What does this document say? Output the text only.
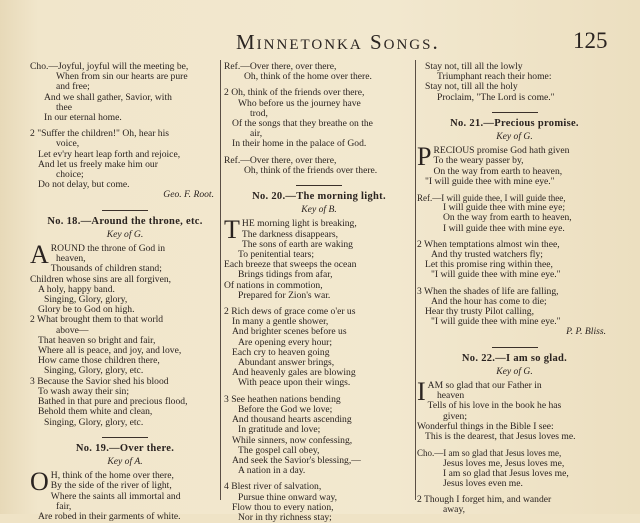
Minnetonka Songs.	125
Cho.—Joyful, joyful will the meeting be,
When from sin our hearts are pure
and free;
And we shall gather, Savior, with
thee
In our eternal home.
2 "Suffer the children!" Oh, hear his
voice,
Let ev'ry heart leap forth and rejoice,
And let us freely make him our
choice;
Do not delay, but come.
Geo. F. Root.
No. 18.—Around the throne, etc.
Key of G.
A ROUND the throne of God in
heaven,
Thousands of children stand;
Children whose sins are all forgiven,
A holy, happy band.
Singing, Glory, glory,
Glory be to God on high.
2 What brought them to that world
above—
That heaven so bright and fair,
Where all is peace, and joy, and love,
How came those children there,
Singing, Glory, glory, etc.
3 Because the Savior shed his blood
To wash away their sin;
Bathed in that pure and precious flood,
Behold them white and clean,
Singing, Glory, glory, etc.
No. 19.—Over there.
Key of A.
O H, think of the home over there,
By the side of the river of light,
Where the saints all immortal and
fair,
Are robed in their garments of white.
Ref.—Over there, over there,
Oh, think of the home over there.
2 Oh, think of the friends over there,
Who before us the journey have
trod,
Of the songs that they breathe on the
air,
In their home in the palace of God.
Ref.—Over there, over there,
Oh, think of the friends over there.
No. 20.—The morning light.
Key of B.
T HE morning light is breaking,
The darkness disappears,
The sons of earth are waking
To penitential tears;
Each breeze that sweeps the ocean
Brings tidings from afar,
Of nations in commotion,
Prepared for Zion's war.
2 Rich dews of grace come o'er us
In many a gentle shower,
And brighter scenes before us
Are opening every hour;
Each cry to heaven going
Abundant answer brings,
And heavenly gales are blowing
With peace upon their wings.
3 See heathen nations bending
Before the God we love;
And thousand hearts ascending
In gratitude and love;
While sinners, now confessing,
The gospel call obey,
And seek the Savior's blessing,—
A nation in a day.
4 Blest river of salvation,
Pursue thine onward way,
Flow thou to every nation,
Nor in thy richness stay;
Stay not, till all the lowly
Triumphant reach their home:
Stay not, till all the holy
Proclaim, "The Lord is come."
No. 21.—Precious promise.
Key of G.
P RECIOUS promise God hath given
To the weary passer by,
On the way from earth to heaven,
"I will guide thee with mine eye."
Ref.—I will guide thee, I will guide thee,
I will guide thee with mine eye;
On the way from earth to heaven,
I will guide thee with mine eye.
2 When temptations almost win thee,
And thy trusted watchers fly;
Let this promise ring within thee,
"I will guide thee with mine eye."
3 When the shades of life are falling,
And the hour has come to die;
Hear thy trusty Pilot calling,
"I will guide thee with mine eye."
P. P. Bliss.
No. 22.—I am so glad.
Key of G.
I AM so glad that our Father in
heaven
Tells of his love in the book he has
given;
Wonderful things in the Bible I see:
This is the dearest, that Jesus loves me.
Cho.—I am so glad that Jesus loves me,
Jesus loves me, Jesus loves me,
I am so glad that Jesus loves me,
Jesus loves even me.
2 Though I forget him, and wander
away,
